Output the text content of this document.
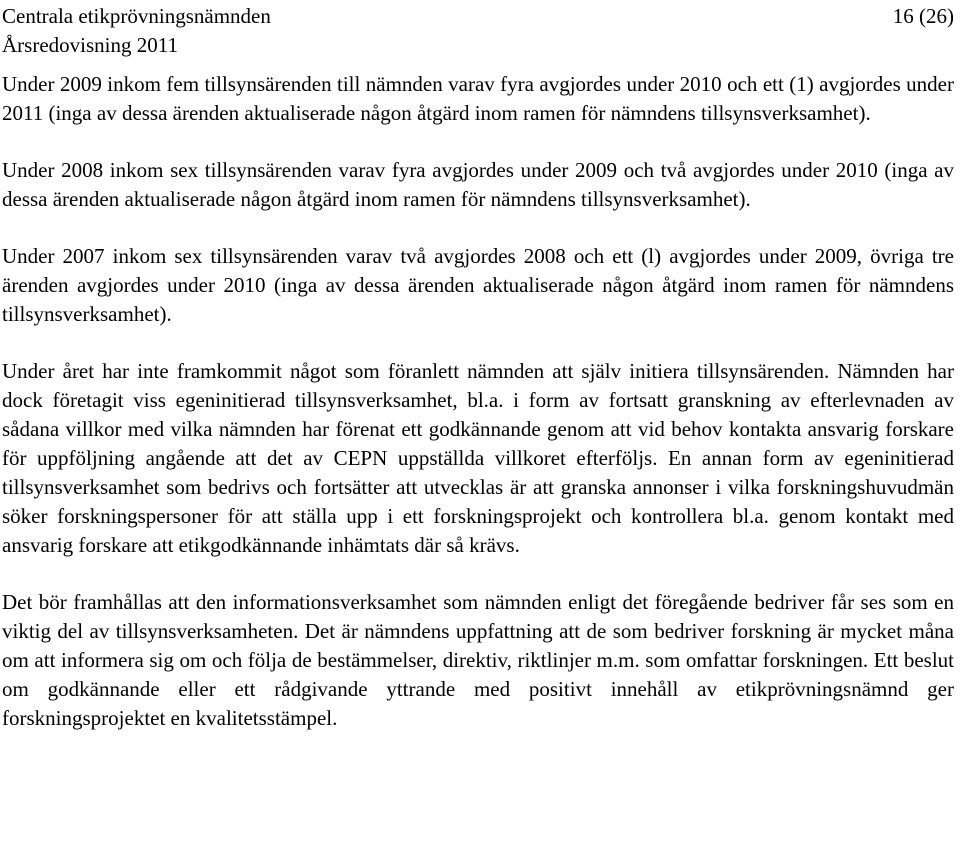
Centrala etikprövningsnämnden	16 (26)
Årsredovisning 2011

Under 2009 inkom fem tillsynsärenden till nämnden varav fyra avgjordes under 2010 och ett (1) avgjordes under 2011 (inga av dessa ärenden aktualiserade någon åtgärd inom ramen för nämndens tillsynsverksamhet).

Under 2008 inkom sex tillsynsärenden varav fyra avgjordes under 2009 och två avgjordes under 2010 (inga av dessa ärenden aktualiserade någon åtgärd inom ramen för nämndens tillsynsverksamhet).

Under 2007 inkom sex tillsynsärenden varav två avgjordes 2008 och ett (l) avgjordes under 2009, övriga tre ärenden avgjordes under 2010 (inga av dessa ärenden aktualiserade någon åtgärd inom ramen för nämndens tillsynsverksamhet).

Under året har inte framkommit något som föranlett nämnden att själv initiera tillsynsärenden. Nämnden har dock företagit viss egeninitierad tillsynsverksamhet, bl.a. i form av fortsatt granskning av efterlevnaden av sådana villkor med vilka nämnden har förenat ett godkännande genom att vid behov kontakta ansvarig forskare för uppföljning angående att det av CEPN uppställda villkoret efterföljs. En annan form av egeninitierad tillsynsverksamhet som bedrivs och fortsätter att utvecklas är att granska annonser i vilka forskningshuvudmän söker forskningspersoner för att ställa upp i ett forskningsprojekt och kontrollera bl.a. genom kontakt med ansvarig forskare att etikgodkännande inhämtats där så krävs.

Det bör framhållas att den informationsverksamhet som nämnden enligt det föregående bedriver får ses som en viktig del av tillsynsverksamheten. Det är nämndens uppfattning att de som bedriver forskning är mycket måna om att informera sig om och följa de bestämmelser, direktiv, riktlinjer m.m. som omfattar forskningen. Ett beslut om godkännande eller ett rådgivande yttrande med positivt innehåll av etikprövningsnämnd ger forskningsprojektet en kvalitetsstämpel.
